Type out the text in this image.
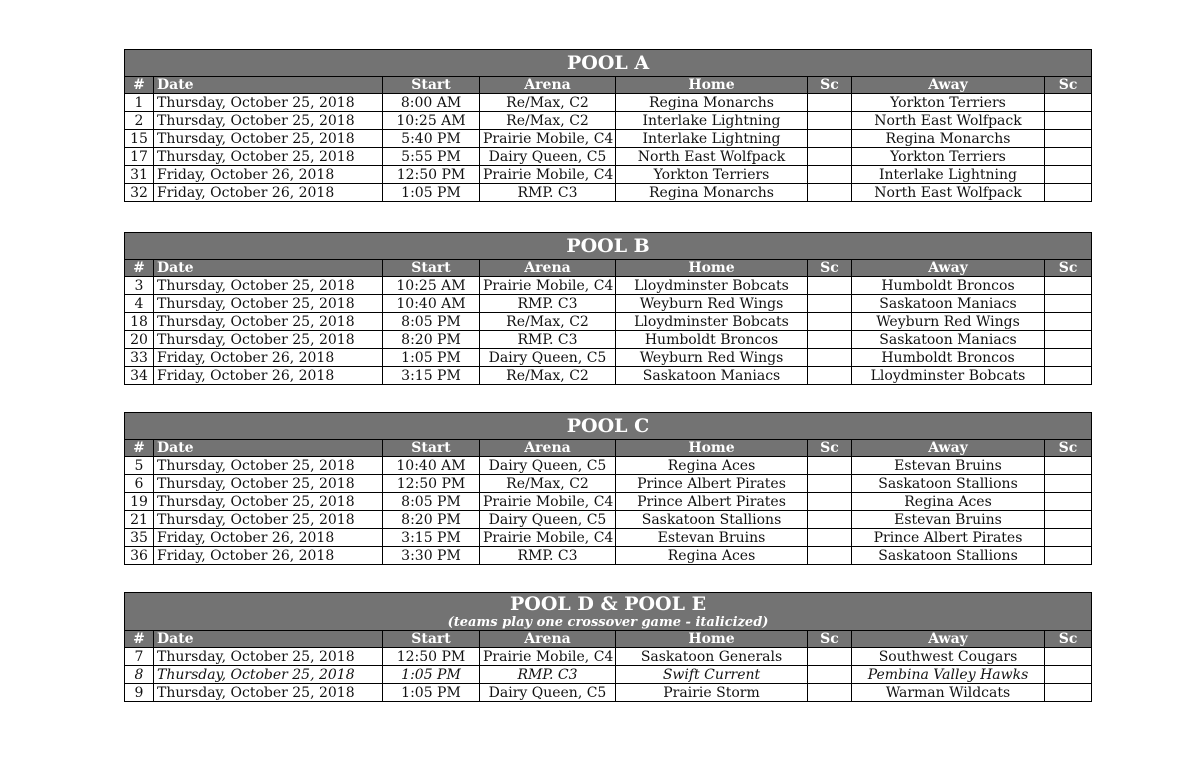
POOL A							
#	Date	Start	Arena	Home	Sc	Away	Sc
1	Thursday, October 25, 2018	8:00 AM	Re/Max, C2	Regina Monarchs		Yorkton Terriers	
2	Thursday, October 25, 2018	10:25 AM	Re/Max, C2	Interlake Lightning		North East Wolfpack	
15	Thursday, October 25, 2018	5:40 PM	Prairie Mobile, C4	Interlake Lightning		Regina Monarchs	
17	Thursday, October 25, 2018	5:55 PM	Dairy Queen, C5	North East Wolfpack		Yorkton Terriers	
31	Friday, October 26, 2018	12:50 PM	Prairie Mobile, C4	Yorkton Terriers		Interlake Lightning	
32	Friday, October 26, 2018	1:05 PM	RMP. C3	Regina Monarchs		North East Wolfpack	
POOL B							
#	Date	Start	Arena	Home	Sc	Away	Sc
3	Thursday, October 25, 2018	10:25 AM	Prairie Mobile, C4	Lloydminster Bobcats		Humboldt Broncos	
4	Thursday, October 25, 2018	10:40 AM	RMP. C3	Weyburn Red Wings		Saskatoon Maniacs	
18	Thursday, October 25, 2018	8:05 PM	Re/Max, C2	Lloydminster Bobcats		Weyburn Red Wings	
20	Thursday, October 25, 2018	8:20 PM	RMP. C3	Humboldt Broncos		Saskatoon Maniacs	
33	Friday, October 26, 2018	1:05 PM	Dairy Queen, C5	Weyburn Red Wings		Humboldt Broncos	
34	Friday, October 26, 2018	3:15 PM	Re/Max, C2	Saskatoon Maniacs		Lloydminster Bobcats	
POOL C							
#	Date	Start	Arena	Home	Sc	Away	Sc
5	Thursday, October 25, 2018	10:40 AM	Dairy Queen, C5	Regina Aces		Estevan Bruins	
6	Thursday, October 25, 2018	12:50 PM	Re/Max, C2	Prince Albert Pirates		Saskatoon Stallions	
19	Thursday, October 25, 2018	8:05 PM	Prairie Mobile, C4	Prince Albert Pirates		Regina Aces	
21	Thursday, October 25, 2018	8:20 PM	Dairy Queen, C5	Saskatoon Stallions		Estevan Bruins	
35	Friday, October 26, 2018	3:15 PM	Prairie Mobile, C4	Estevan Bruins		Prince Albert Pirates	
36	Friday, October 26, 2018	3:30 PM	RMP. C3	Regina Aces		Saskatoon Stallions	
POOL D & POOL E							
(teams play one crossover game - italicized)							
#	Date	Start	Arena	Home	Sc	Away	Sc
7	Thursday, October 25, 2018	12:50 PM	Prairie Mobile, C4	Saskatoon Generals		Southwest Cougars	
8	Thursday, October 25, 2018	1:05 PM	RMP. C3	Swift Current		Pembina Valley Hawks	
9	Thursday, October 25, 2018	1:05 PM	Dairy Queen, C5	Prairie Storm		Warman Wildcats	
